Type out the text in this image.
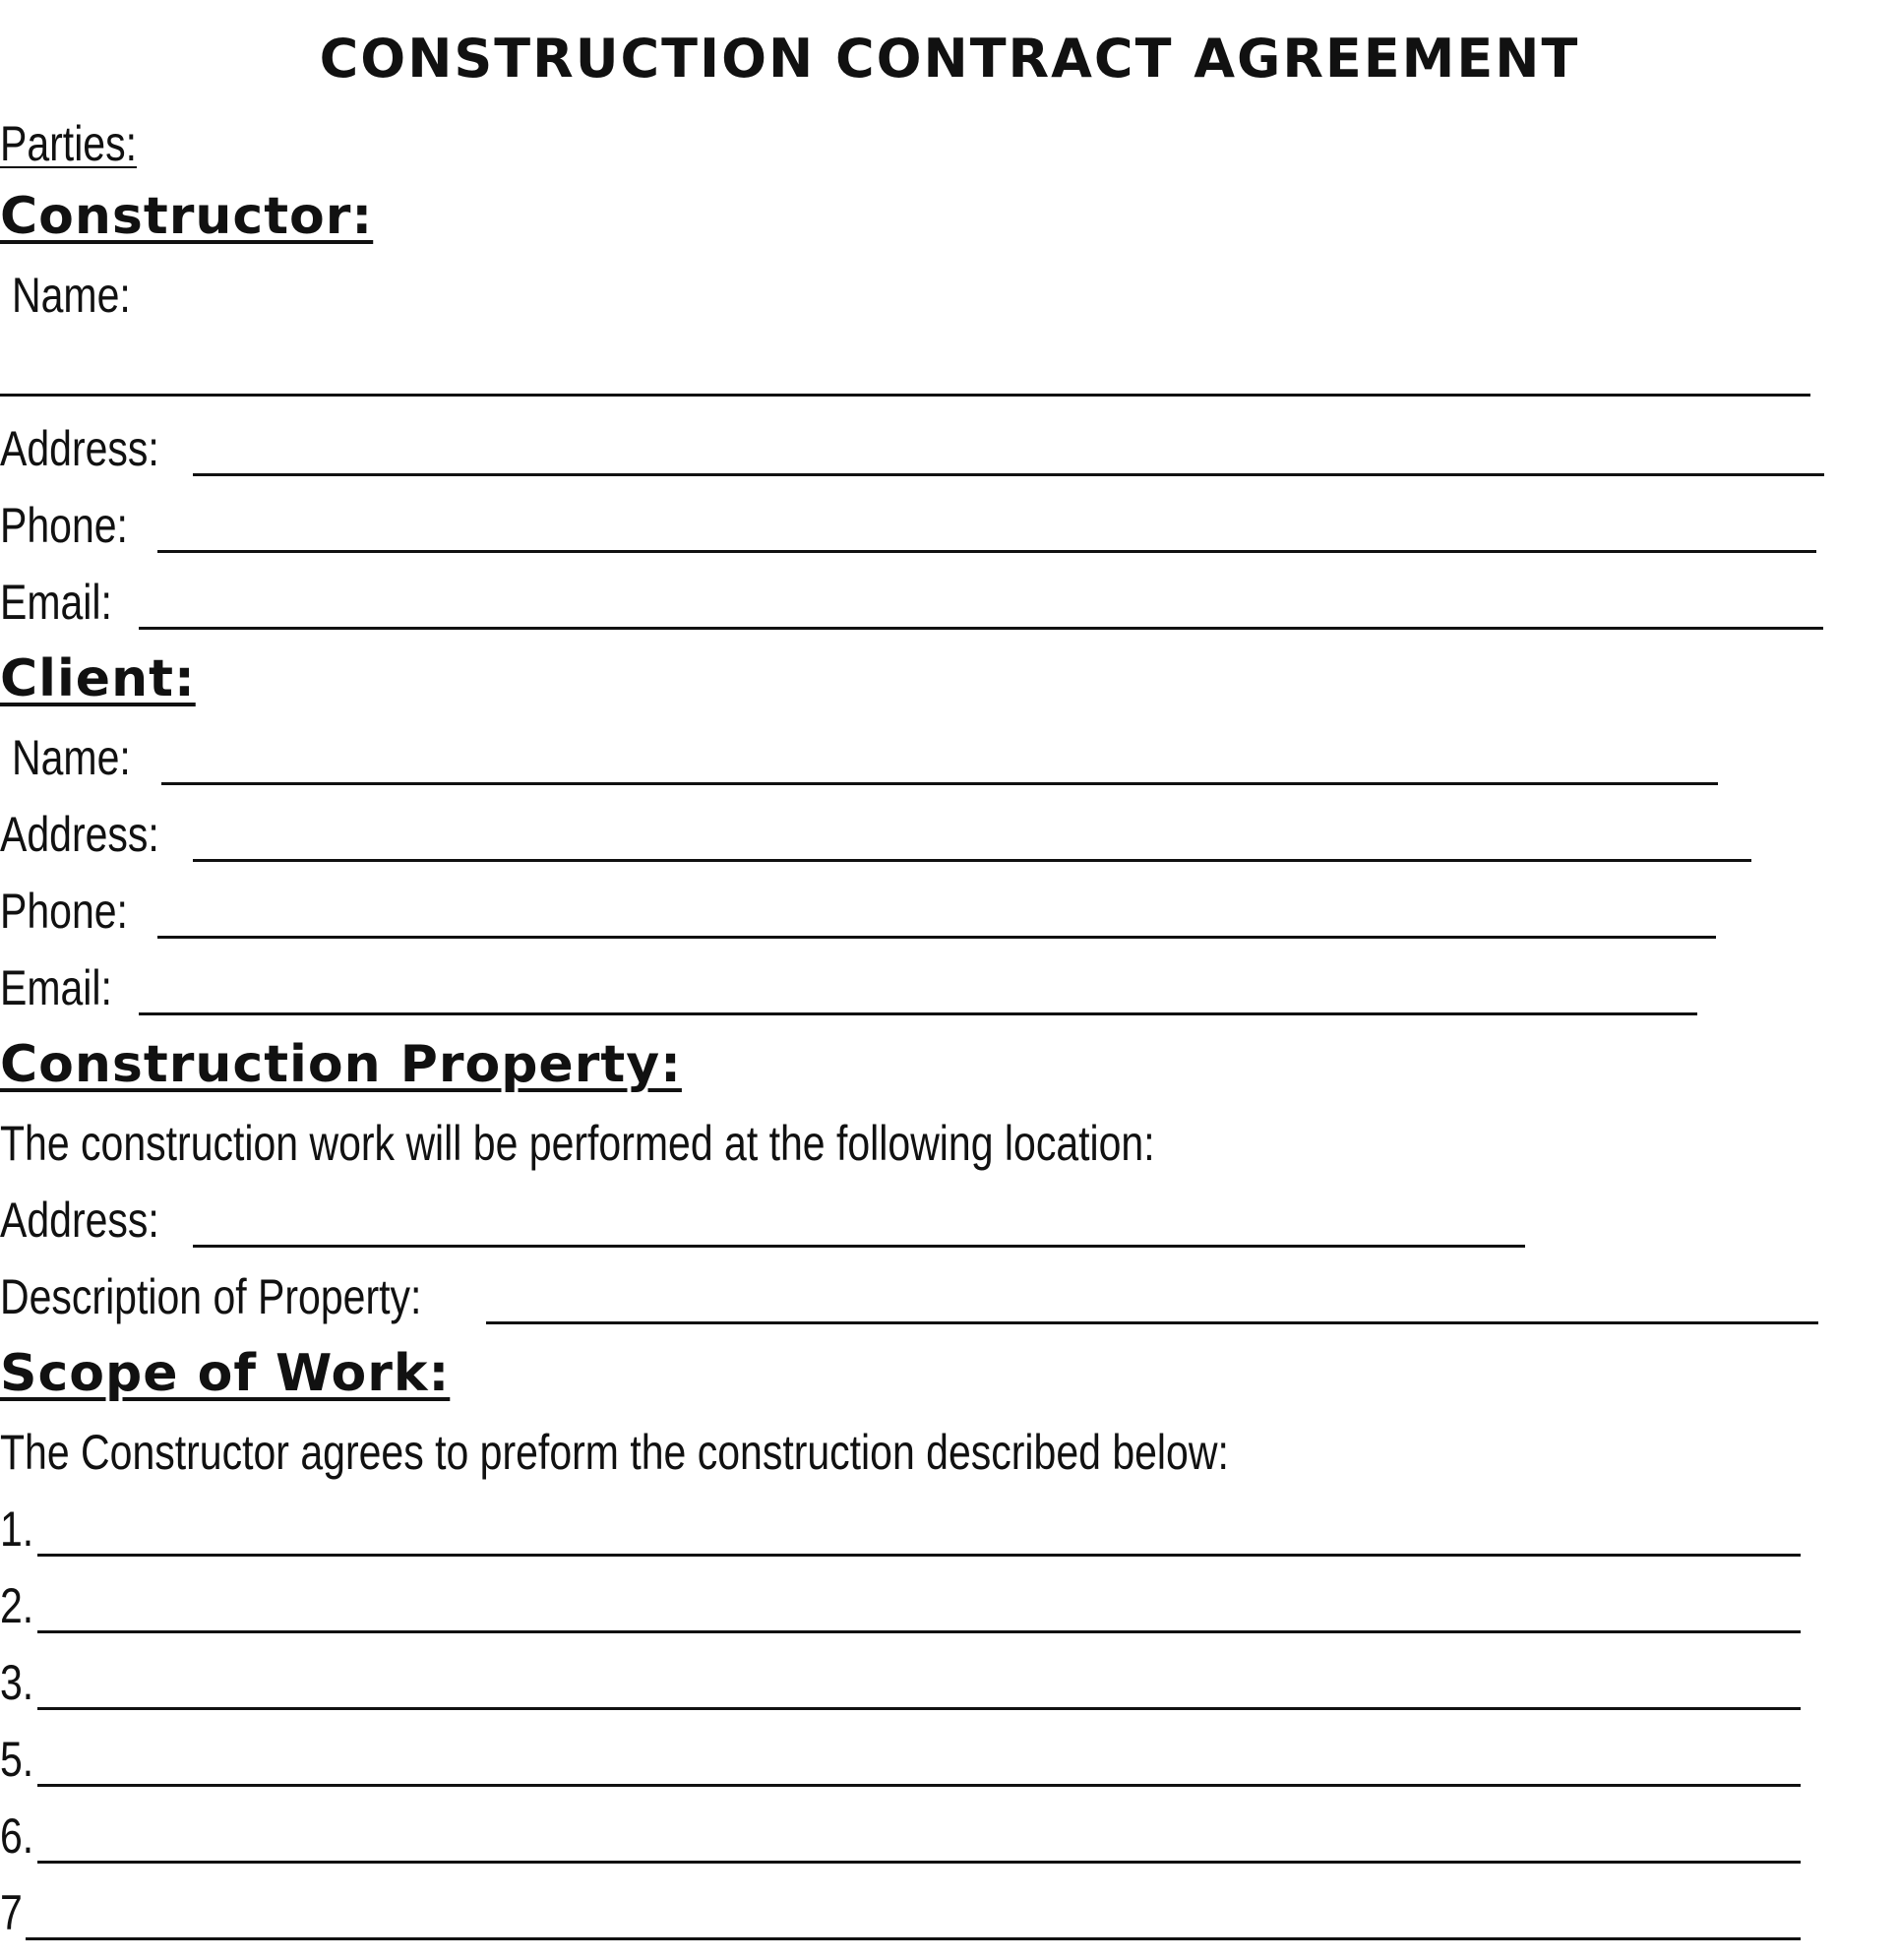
CONSTRUCTION CONTRACT AGREEMENT
Parties:
Constructor:
Name:
Address:
Phone:
Email:
Client:
Name:
Address:
Phone:
Email:
Construction Property:
The construction work will be performed at the following location:
Address:
Description of Property:
Scope of Work:
The Constructor agrees to preform the construction described below:
1.
2.
3.
5.
6.
7
